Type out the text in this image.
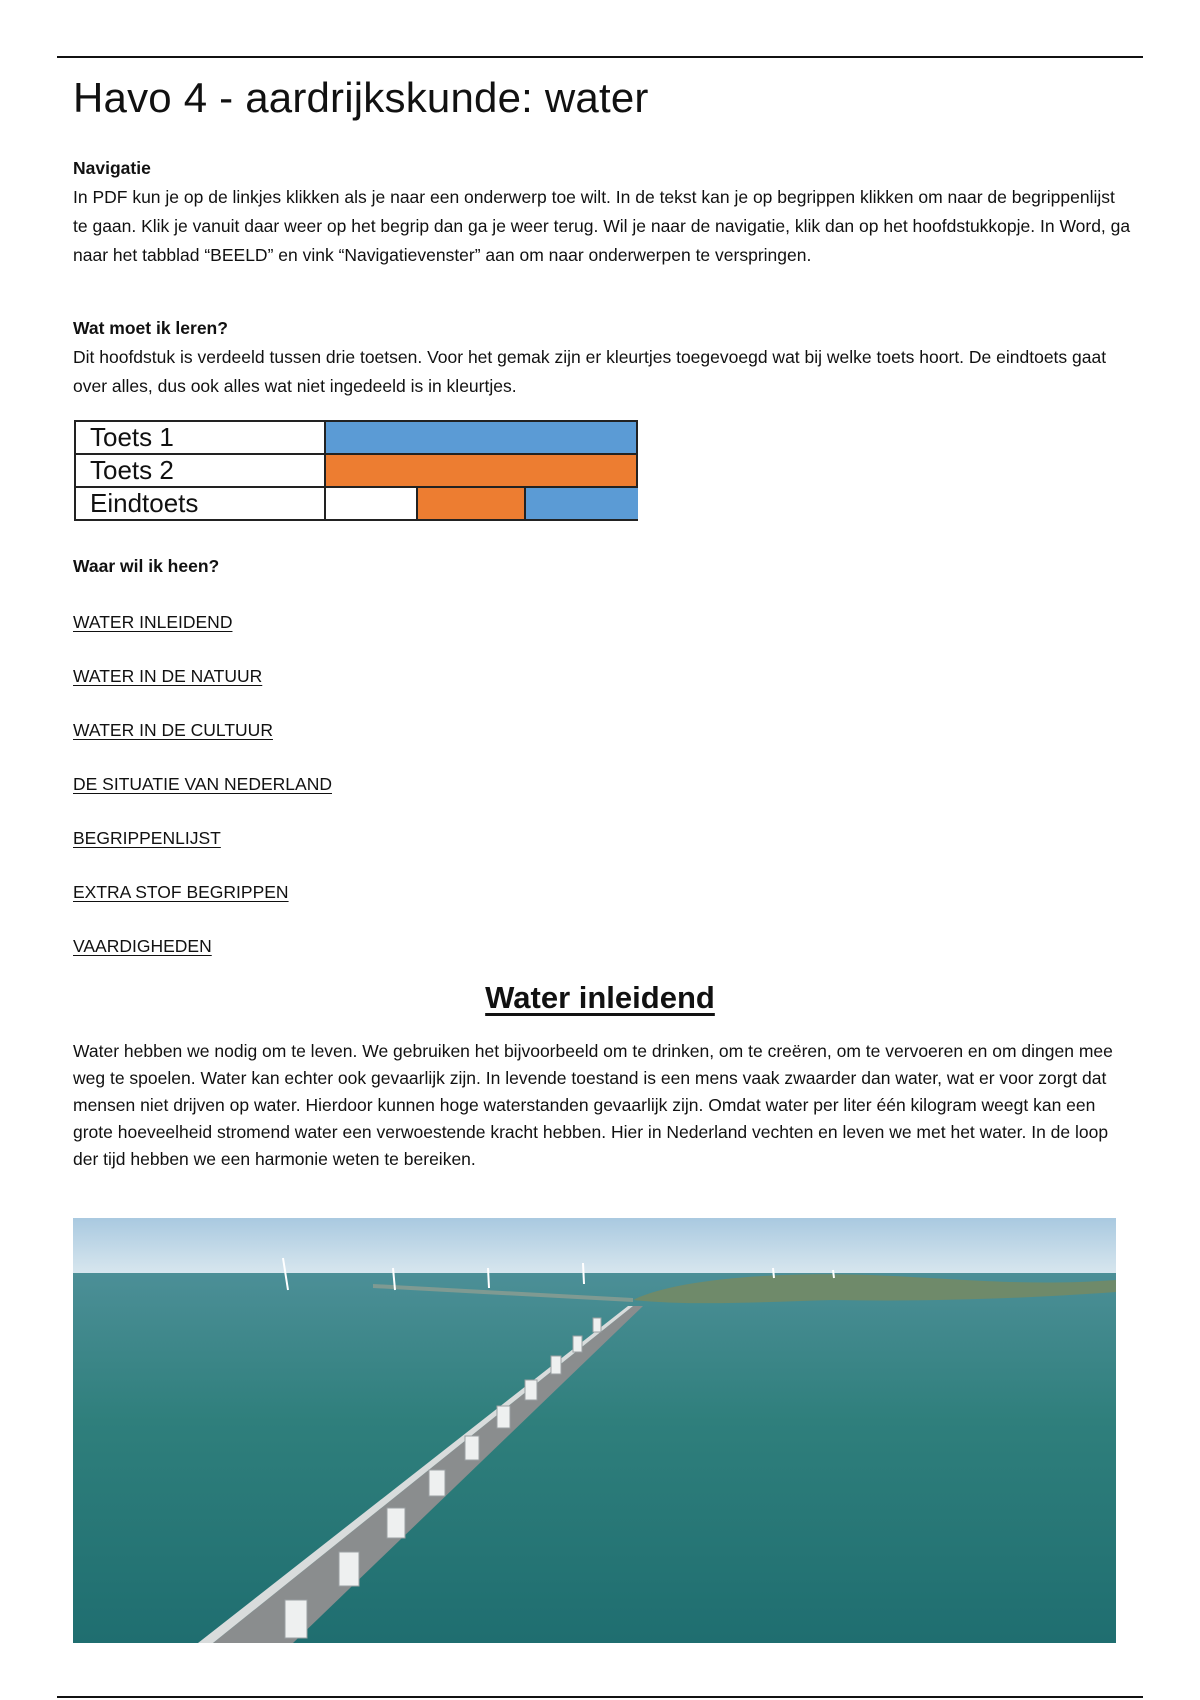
Havo 4 - aardrijkskunde: water
Navigatie

In PDF kun je op de linkjes klikken als je naar een onderwerp toe wilt. In de tekst kan je op begrippen klikken om naar de begrippenlijst te gaan. Klik je vanuit daar weer op het begrip dan ga je weer terug. Wil je naar de navigatie, klik dan op het hoofdstukkopje. In Word, ga naar het tabblad “BEELD” en vink “Navigatievenster” aan om naar onderwerpen te verspringen.

Wat moet ik leren?

Dit hoofdstuk is verdeeld tussen drie toetsen. Voor het gemak zijn er kleurtjes toegevoegd wat bij welke toets hoort. De eindtoets gaat over alles, dus ook alles wat niet ingedeeld is in kleurtjes.

Toets 1	

Toets 2	

Eindtoets	
Waar wil ik heen?
WATER INLEIDEND
WATER IN DE NATUUR
WATER IN DE CULTUUR
DE SITUATIE VAN NEDERLAND
BEGRIPPENLIJST
EXTRA STOF BEGRIPPEN
VAARDIGHEDEN
Water inleidend

Water hebben we nodig om te leven. We gebruiken het bijvoorbeeld om te drinken, om te creëren, om te vervoeren en om dingen mee weg te spoelen. Water kan echter ook gevaarlijk zijn. In levende toestand is een mens vaak zwaarder dan water, wat er voor zorgt dat mensen niet drijven op water. Hierdoor kunnen hoge waterstanden gevaarlijk zijn. Omdat water per liter één kilogram weegt kan een grote hoeveelheid stromend water een verwoestende kracht hebben. Hier in Nederland vechten en leven we met het water. In de loop der tijd hebben we een harmonie weten te bereiken.
